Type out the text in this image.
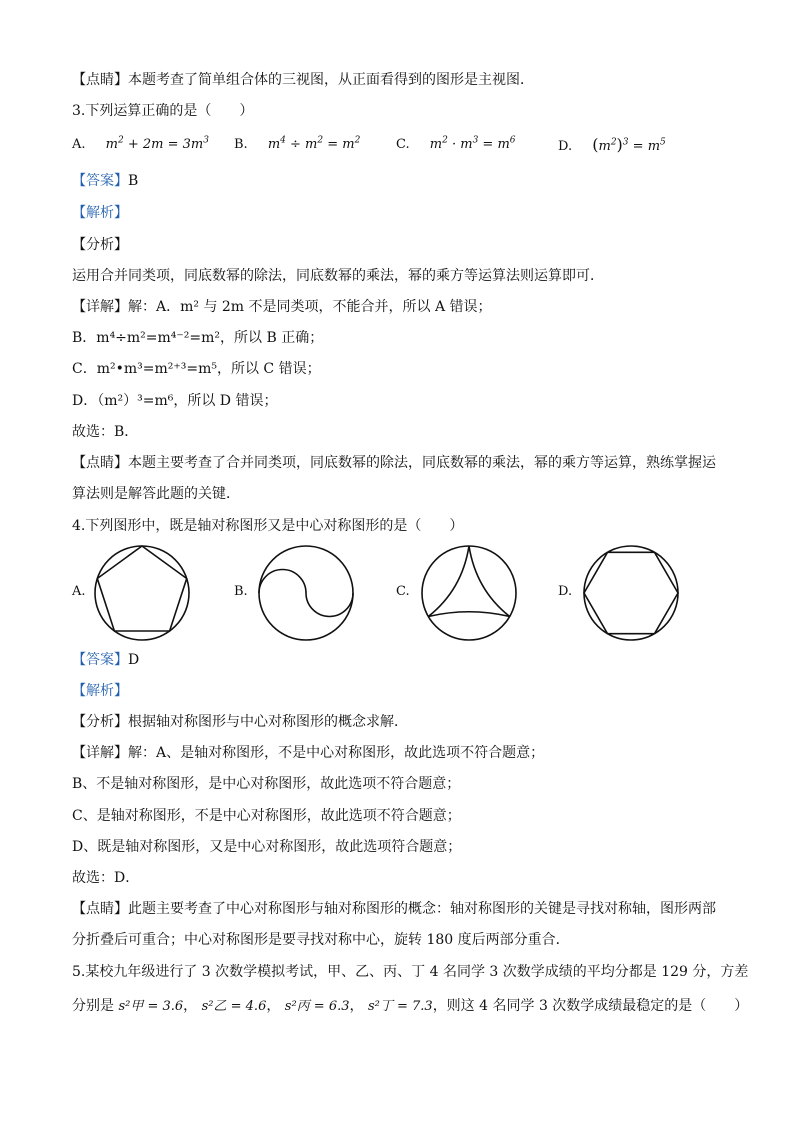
【点睛】本题考查了简单组合体的三视图，从正面看得到的图形是主视图．
3.下列运算正确的是（　　）
A. $m^2 + 2m = 3m^3$ B. $m^4 \div m^2 = m^2$	C. $m^2 \cdot m^3 = m^6$	D. $(m^2)^3 = m^5$
【答案】B
【解析】
【分析】
运用合并同类项，同底数幂的除法，同底数幂的乘法，幂的乘方等运算法则运算即可．
【详解】解：A．m² 与 2m 不是同类项，不能合并，所以 A 错误；
B．m⁴÷m²=m⁴⁻²=m²，所以 B 正确；
C．m²•m³=m²⁺³=m⁵，所以 C 错误；
D．（m²）³=m⁶，所以 D 错误；
故选：B．
【点睛】本题主要考查了合并同类项，同底数幂的除法，同底数幂的乘法，幂的乘方等运算，熟练掌握运
算法则是解答此题的关键．
4.下列图形中，既是轴对称图形又是中心对称图形的是（　　）
A.	B.	C.	D.
【答案】D
【解析】
【分析】根据轴对称图形与中心对称图形的概念求解．
【详解】解：A、是轴对称图形，不是中心对称图形，故此选项不符合题意；
B、不是轴对称图形，是中心对称图形，故此选项不符合题意；
C、是轴对称图形，不是中心对称图形，故此选项不符合题意；
D、既是轴对称图形，又是中心对称图形，故此选项符合题意；
故选：D．
【点睛】此题主要考查了中心对称图形与轴对称图形的概念：轴对称图形的关键是寻找对称轴，图形两部
分折叠后可重合；中心对称图形是要寻找对称中心，旋转 180 度后两部分重合．
5.某校九年级进行了 3 次数学模拟考试，甲、乙、丙、丁 4 名同学 3 次数学成绩的平均分都是 129 分，方差
分别是 s²甲 = 3.6， s²乙 = 4.6， s²丙 = 6.3， s²丁 = 7.3，则这 4 名同学 3 次数学成绩最稳定的是（　　）
